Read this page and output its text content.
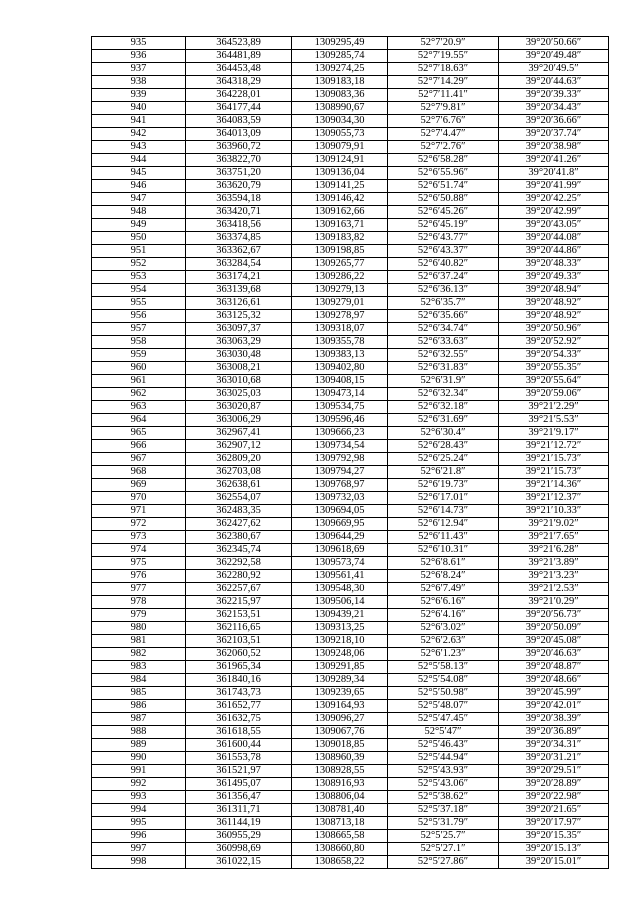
935	364523,89	1309295,49	52°7′20.9″	39°20′50.66″
936	364481,89	1309285,74	52°7′19.55″	39°20′49.48″
937	364453,48	1309274,25	52°7′18.63″	39°20′49.5″
938	364318,29	1309183,18	52°7′14.29″	39°20′44.63″
939	364228,01	1309083,36	52°7′11.41″	39°20′39.33″
940	364177,44	1308990,67	52°7′9.81″	39°20′34.43″
941	364083,59	1309034,30	52°7′6.76″	39°20′36.66″
942	364013,09	1309055,73	52°7′4.47″	39°20′37.74″
943	363960,72	1309079,91	52°7′2.76″	39°20′38.98″
944	363822,70	1309124,91	52°6′58.28″	39°20′41.26″
945	363751,20	1309136,04	52°6′55.96″	39°20′41.8″
946	363620,79	1309141,25	52°6′51.74″	39°20′41.99″
947	363594,18	1309146,42	52°6′50.88″	39°20′42.25″
948	363420,71	1309162,66	52°6′45.26″	39°20′42.99″
949	363418,56	1309163,71	52°6′45.19″	39°20′43.05″
950	363374,85	1309183,82	52°6′43.77″	39°20′44.08″
951	363362,67	1309198,85	52°6′43.37″	39°20′44.86″
952	363284,54	1309265,77	52°6′40.82″	39°20′48.33″
953	363174,21	1309286,22	52°6′37.24″	39°20′49.33″
954	363139,68	1309279,13	52°6′36.13″	39°20′48.94″
955	363126,61	1309279,01	52°6′35.7″	39°20′48.92″
956	363125,32	1309278,97	52°6′35.66″	39°20′48.92″
957	363097,37	1309318,07	52°6′34.74″	39°20′50.96″
958	363063,29	1309355,78	52°6′33.63″	39°20′52.92″
959	363030,48	1309383,13	52°6′32.55″	39°20′54.33″
960	363008,21	1309402,80	52°6′31.83″	39°20′55.35″
961	363010,68	1309408,15	52°6′31.9″	39°20′55.64″
962	363025,03	1309473,14	52°6′32.34″	39°20′59.06″
963	363020,87	1309534,75	52°6′32.18″	39°21′2.29″
964	363006,29	1309596,46	52°6′31.69″	39°21′5.53″
965	362967,41	1309666,23	52°6′30.4″	39°21′9.17″
966	362907,12	1309734,54	52°6′28.43″	39°21′12.72″
967	362809,20	1309792,98	52°6′25.24″	39°21′15.73″
968	362703,08	1309794,27	52°6′21.8″	39°21′15.73″
969	362638,61	1309768,97	52°6′19.73″	39°21′14.36″
970	362554,07	1309732,03	52°6′17.01″	39°21′12.37″
971	362483,35	1309694,05	52°6′14.73″	39°21′10.33″
972	362427,62	1309669,95	52°6′12.94″	39°21′9.02″
973	362380,67	1309644,29	52°6′11.43″	39°21′7.65″
974	362345,74	1309618,69	52°6′10.31″	39°21′6.28″
975	362292,58	1309573,74	52°6′8.61″	39°21′3.89″
976	362280,92	1309561,41	52°6′8.24″	39°21′3.23″
977	362257,67	1309548,30	52°6′7.49″	39°21′2.53″
978	362215,97	1309506,14	52°6′6.16″	39°21′0.29″
979	362153,51	1309439,21	52°6′4.16″	39°20′56.73″
980	362116,65	1309313,25	52°6′3.02″	39°20′50.09″
981	362103,51	1309218,10	52°6′2.63″	39°20′45.08″
982	362060,52	1309248,06	52°6′1.23″	39°20′46.63″
983	361965,34	1309291,85	52°5′58.13″	39°20′48.87″
984	361840,16	1309289,34	52°5′54.08″	39°20′48.66″
985	361743,73	1309239,65	52°5′50.98″	39°20′45.99″
986	361652,77	1309164,93	52°5′48.07″	39°20′42.01″
987	361632,75	1309096,27	52°5′47.45″	39°20′38.39″
988	361618,55	1309067,76	52°5′47″	39°20′36.89″
989	361600,44	1309018,85	52°5′46.43″	39°20′34.31″
990	361553,78	1308960,39	52°5′44.94″	39°20′31.21″
991	361521,97	1308928,55	52°5′43.93″	39°20′29.51″
992	361495,07	1308916,93	52°5′43.06″	39°20′28.89″
993	361356,47	1308806,04	52°5′38.62″	39°20′22.98″
994	361311,71	1308781,40	52°5′37.18″	39°20′21.65″
995	361144,19	1308713,18	52°5′31.79″	39°20′17.97″
996	360955,29	1308665,58	52°5′25.7″	39°20′15.35″
997	360998,69	1308660,80	52°5′27.1″	39°20′15.13″
998	361022,15	1308658,22	52°5′27.86″	39°20′15.01″
